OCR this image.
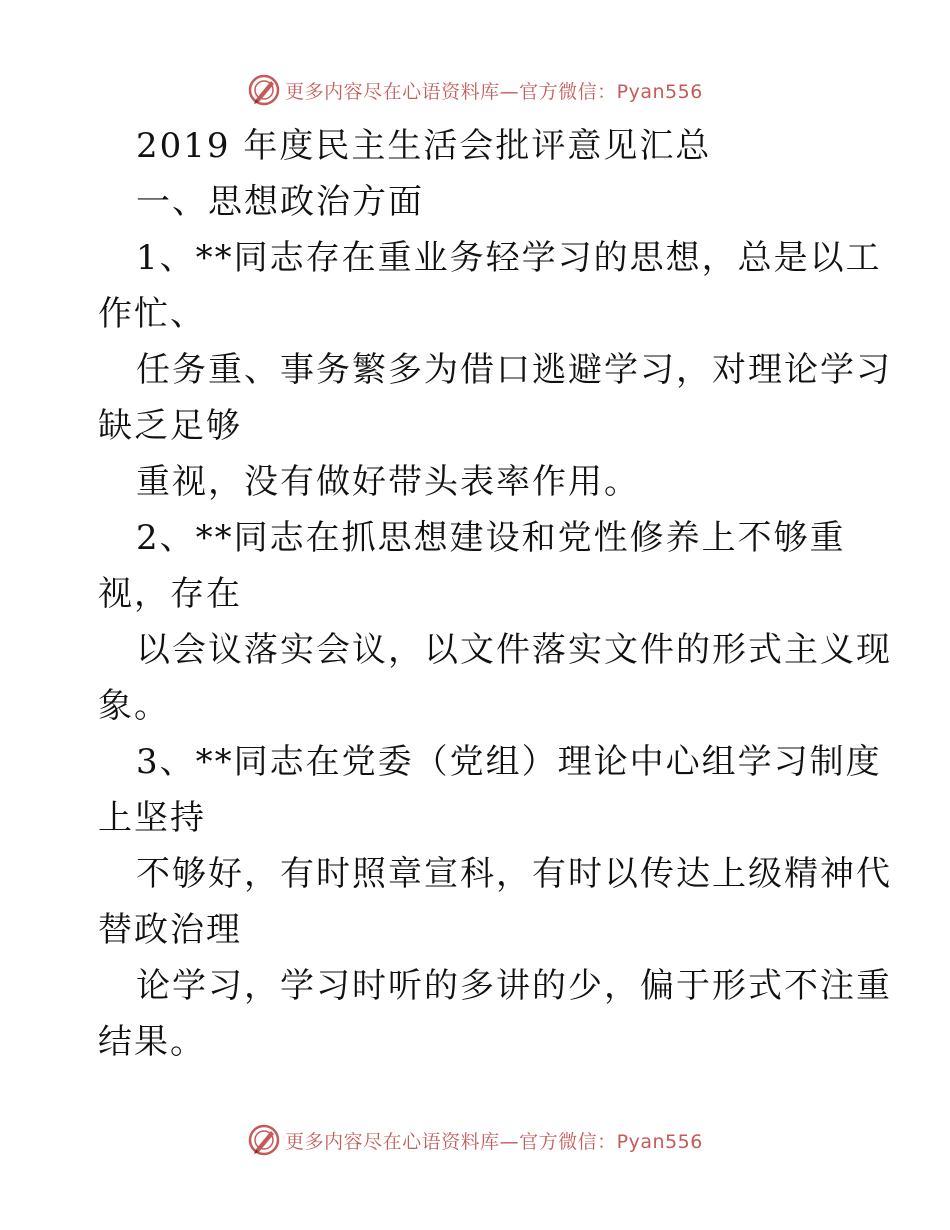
更多内容尽在心语资料库—官方微信：Pyan556
2019 年度民主生活会批评意见汇总
一、思想政治方面
1、**同志存在重业务轻学习的思想，总是以工
作忙、
任务重、事务繁多为借口逃避学习，对理论学习
缺乏足够
重视，没有做好带头表率作用。
2、**同志在抓思想建设和党性修养上不够重
视，存在
以会议落实会议，以文件落实文件的形式主义现
象。
3、**同志在党委（党组）理论中心组学习制度
上坚持
不够好，有时照章宣科，有时以传达上级精神代
替政治理
论学习，学习时听的多讲的少，偏于形式不注重
结果。
更多内容尽在心语资料库—官方微信：Pyan556
